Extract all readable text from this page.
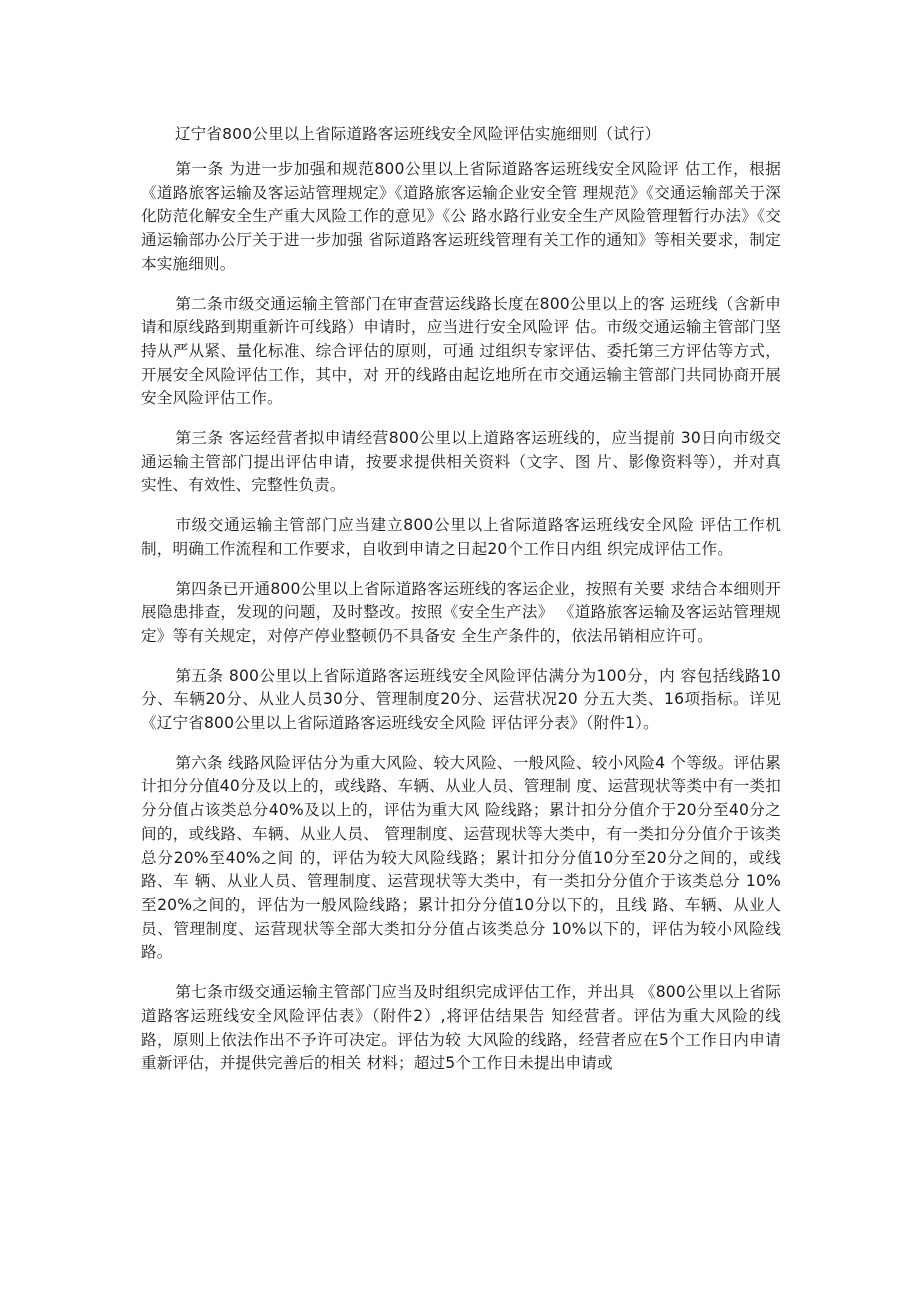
辽宁省800公里以上省际道路客运班线安全风险评估实施细则（试行）

第一条 为进一步加强和规范800公里以上省际道路客运班线安全风险评 估工作，根据《道路旅客运输及客运站管理规定》《道路旅客运输企业安全管 理规范》《交通运输部关于深化防范化解安全生产重大风险工作的意见》《公 路水路行业安全生产风险管理暂行办法》《交通运输部办公厅关于进一步加强 省际道路客运班线管理有关工作的通知》等相关要求，制定本实施细则。

第二条市级交通运输主管部门在审查营运线路长度在800公里以上的客 运班线（含新申请和原线路到期重新许可线路）申请时，应当进行安全风险评 估。市级交通运输主管部门坚持从严从紧、量化标准、综合评估的原则，可通 过组织专家评估、委托第三方评估等方式，开展安全风险评估工作，其中，对 开的线路由起讫地所在市交通运输主管部门共同协商开展安全风险评估工作。

第三条 客运经营者拟申请经营800公里以上道路客运班线的，应当提前 30日向市级交通运输主管部门提出评估申请，按要求提供相关资料（文字、图 片、影像资料等），并对真实性、有效性、完整性负责。

市级交通运输主管部门应当建立800公里以上省际道路客运班线安全风险 评估工作机制，明确工作流程和工作要求，自收到申请之日起20个工作日内组 织完成评估工作。

第四条已开通800公里以上省际道路客运班线的客运企业，按照有关要 求结合本细则开展隐患排查，发现的问题，及时整改。按照《安全生产法》 《道路旅客运输及客运站管理规定》等有关规定，对停产停业整顿仍不具备安 全生产条件的，依法吊销相应许可。

第五条 800公里以上省际道路客运班线安全风险评估满分为100分，内 容包括线路10分、车辆20分、从业人员30分、管理制度20分、运营状况20 分五大类、16项指标。详见《辽宁省800公里以上省际道路客运班线安全风险 评估评分表》（附件1）。

第六条 线路风险评估分为重大风险、较大风险、一般风险、较小风险4 个等级。评估累计扣分分值40分及以上的，或线路、车辆、从业人员、管理制 度、运营现状等类中有一类扣分分值占该类总分40%及以上的，评估为重大风 险线路；累计扣分分值介于20分至40分之间的，或线路、车辆、从业人员、 管理制度、运营现状等大类中，有一类扣分分值介于该类总分20%至40%之间 的，评估为较大风险线路；累计扣分分值10分至20分之间的，或线路、车 辆、从业人员、管理制度、运营现状等大类中，有一类扣分分值介于该类总分 10%至20%之间的，评估为一般风险线路；累计扣分分值10分以下的，且线 路、车辆、从业人员、管理制度、运营现状等全部大类扣分分值占该类总分 10%以下的，评估为较小风险线路。

第七条市级交通运输主管部门应当及时组织完成评估工作，并出具 《800公里以上省际道路客运班线安全风险评估表》（附件2）,将评估结果告 知经营者。评估为重大风险的线路，原则上依法作出不予许可决定。评估为较 大风险的线路，经营者应在5个工作日内申请重新评估，并提供完善后的相关 材料；超过5个工作日未提出申请或
